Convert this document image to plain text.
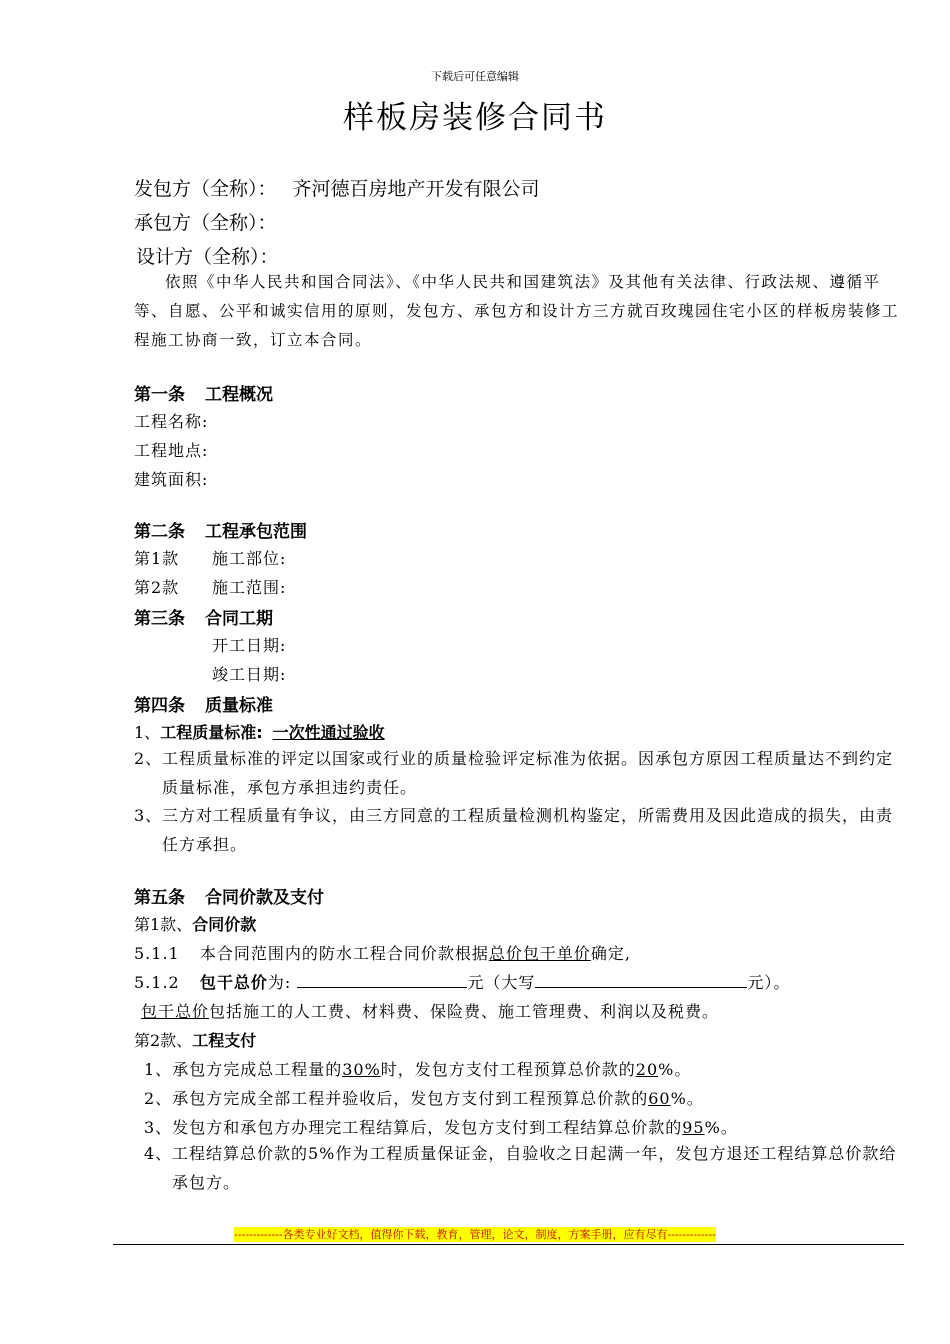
下载后可任意编辑
样板房装修合同书
发包方（全称）： 齐河德百房地产开发有限公司
承包方（全称）：
设计方（全称）：
依照《中华人民共和国合同法》、《中华人民共和国建筑法》及其他有关法律、行政法规、遵循平等、自愿、公平和诚实信用的原则，发包方、承包方和设计方三方就百玫瑰园住宅小区的样板房装修工程施工协商一致，订立本合同。
第一条 工程概况
工程名称:
工程地点:
建筑面积:
第二条 工程承包范围
第1款 施工部位:
第2款 施工范围:
第三条 合同工期
开工日期:
竣工日期:
第四条 质量标准
1、工程质量标准: 一次性通过验收
2、 工程质量标准的评定以国家或行业的质量检验评定标准为依据。因承包方原因工程质量达不到约定质量标准，承包方承担违约责任。
3、 三方对工程质量有争议，由三方同意的工程质量检测机构鉴定，所需费用及因此造成的损失，由责任方承担。
第五条 合同价款及支付
第1款、合同价款
5.1.1 本合同范围内的防水工程合同价款根据总价包干单价确定,
5.1.2 包干总价为:	元（大写	元）。
包干总价包括施工的人工费、材料费、保险费、施工管理费、利润以及税费。
第2款、工程支付
1、承包方完成总工程量的30%时，发包方支付工程预算总价款的20%。
2、承包方完成全部工程并验收后，发包方支付到工程预算总价款的60%。
3、发包方和承包方办理完工程结算后，发包方支付到工程结算总价款的95%。
4、 工程结算总价款的5%作为工程质量保证金，自验收之日起满一年，发包方退还工程结算总价款给承包方。
-------------各类专业好文档，值得你下载，教育，管理，论文，制度，方案手册，应有尽有-------------
